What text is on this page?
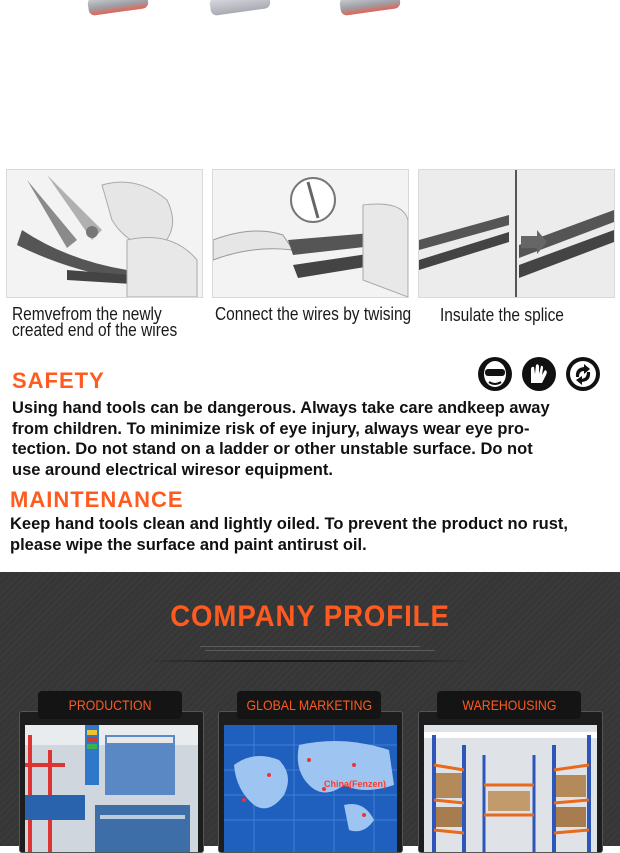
Remvefrom the newly
created end of the wires
Connect the wires by twising Insulate the splice
SAFETY
Using hand tools can be dangerous. Always take care andkeep away
from children. To minimize risk of eye injury, always wear eye pro-
tection. Do not stand on a ladder or other unstable surface. Do not
use around electrical wiresor equipment.
MAINTENANCE
Keep hand tools clean and lightly oiled. To prevent the product no rust,
please wipe the surface and paint antirust oil.
COMPANY PROFILE
PRODUCTION
China(Fenzen)
GLOBAL MARKETING	WAREHOUSING
